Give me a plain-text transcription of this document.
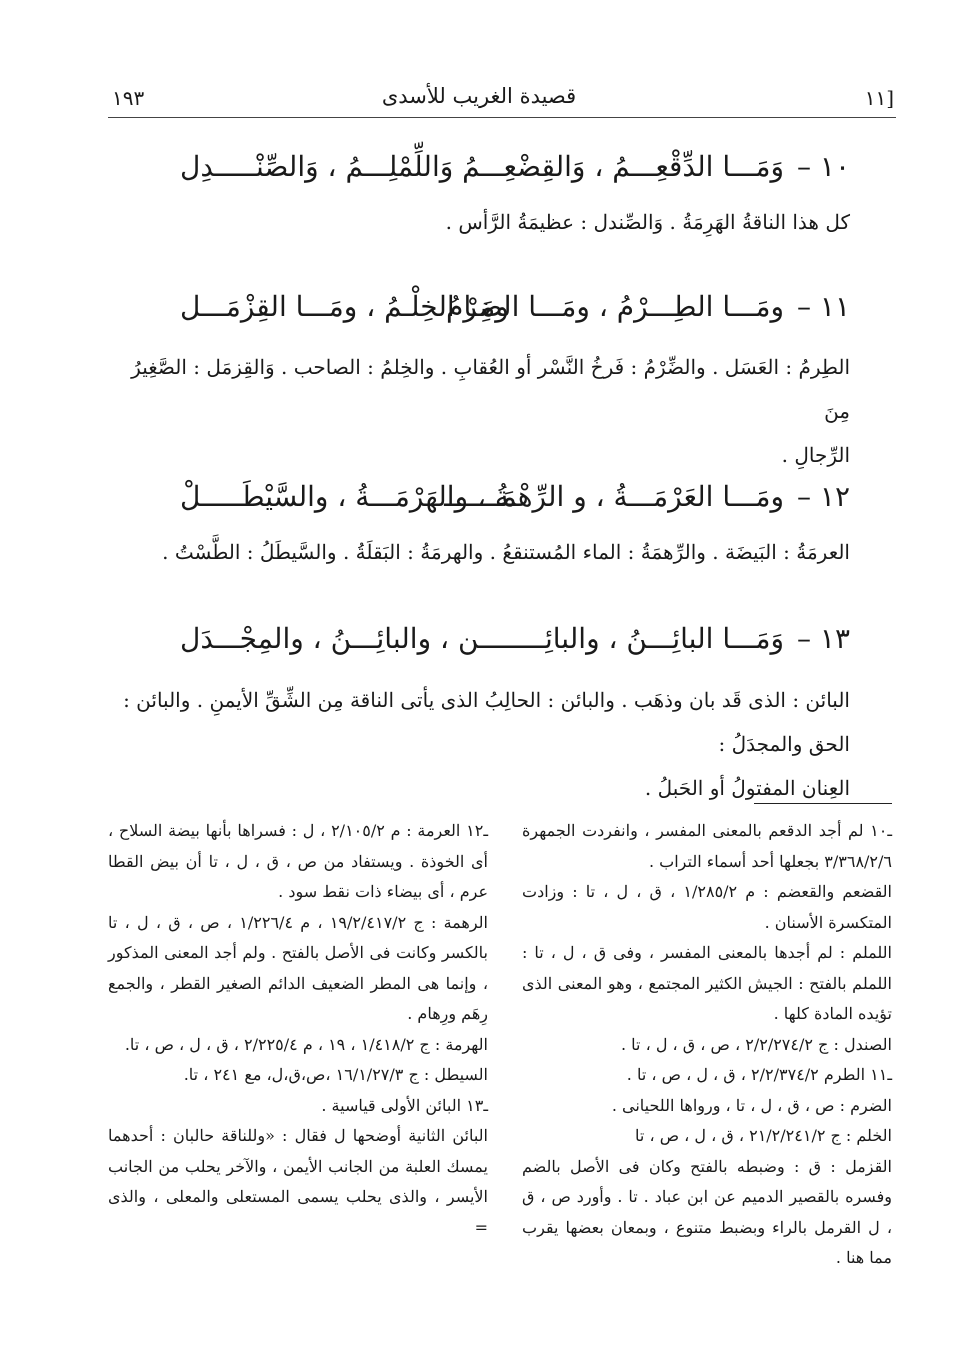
١٩٣	قصيدة الغريب للأسدى	[١١
١٠ –
وَمَـــا الدِّقْعِـــمُ ، وَالقِضْعِـــ
ـمُ وَاللِّمْلِـــمُ ، وَالصِّنْـــــدِل
كل هذا الناقةُ الهَرِمَةُ . وَالصِّندل : عظيمَةُ الرَّأس .
١١ –
ومَـــا الطِـــرْمُ ، ومَـــا الضِرْمُ
ومَـا الخِلْـمُ ، ومَـــا القِزْمَـــل
الطِرمُ : العَسَل . والضِّرْمُ : فَرخُ النَّسْر أو العُقابِ . والخِلمُ : الصاحب . وَالقِزمَل : الصَّغِيرُ مِنَ
الرِّجالِ .
١٢ –
ومَـــا العَرْمَـــةُ ، و الرِّهْمَـــــــ
ـةُ ، والهَرْمَـــةُ ، والسَّيْطَـــــلْ
العرمَةُ : البَيضَة . والرِّهمَةُ : الماء المُستنقعُ . والهرمَةُ : البَقلَةُ . والسَّيطَلُ : الطَّسْتُ .
١٣ –
وَمَـــا البائِـــنُ ، والبائِـــــــ
ـن ، والبائِـــنُ ، والمِجْـــدَل
البائن : الذى قَد بان وذهَب . والبائن : الحالِبُ الذى يأتى الناقة مِن الشِّقِّ الأيمنِ . والبائن : الحق والمجدَلُ :
العِنان المفتولُ أو الحَبلُ .

ـ١٠ لم أجد الدقعم بالمعنى المفسر ، وانفردت الجمهرة ٣/٣٦٨/٢/٦ بجعلها أحد أسماء التراب .

القضعم والقعضم : م ١/٢٨٥/٢ ، ق ، ل ، تا : وزادت المتكسرة الأسنان .

اللملم : لم أجدها بالمعنى المفسر ، وفى ق ، ل ، تا : اللملم بالفتح : الجيش الكثير المجتمع ، وهو المعنى الذى تؤيده المادة كلها .

الصندل : ج ٢/٢/٢٧٤/٢ ، ص ، ق ، ل ، تا .

ـ١١ الطرم ٢/٢/٣٧٤/٢ ، ق ، ل ، ص ، تا .

الضرم : ص ، ق ، ل ، تا ، ورواها اللحيانى .

الخلم : ج ٢١/٢/٢٤١/٢ ، ق ، ل ، ص ، تا

القزمل : ق : وضبطه بالفتح وكان فى الأصل بالضم وفسره بالقصير الدميم عن ابن عباد . تا . وأورد ص ، ق ، ل القرمل بالراء وبضبط متنوع ، وبمعان بعضها يقرب مما هنا .

ـ١٢ العرمة : م ٢/١٠٥/٢ ، ل : فسراها بأنها بيضة السلاح ، أى الخوذة . ويستفاد من ص ، ق ، ل ، تا أن بيض القطا عرم ، أى بيضاء ذات نقط سود .

الرهمة : ج ١٩/٢/٤١٧/٢ ، م ١/٢٢٦/٤ ، ص ، ق ، ل ، تا بالكسر وكانت فى الأصل بالفتح . ولم أجد المعنى المذكور ، وإنما هى المطر الضعيف الدائم الصغير القطر ، والجمع رِهَم ورِهام .

الهرمة : ج ١/٤١٨/٢ ، ١٩ ، م ٢/٢٢٥/٤ ، ق ، ل ، ص ، تا.

السيطل : ج ١٦/١/٢٧/٣ ،ص،ق،ل، مع ٢٤١ ، تا.

ـ١٣ البائن الأولى قياسية .

البائن الثانية أوضحها ل فقال : «وللناقة حالبان : أحدهما يمسك العلبة من الجانب الأيمن ، والآخر يحلب من الجانب الأيسر ، والذى يحلب يسمى المستعلى والمعلى ، والذى =
